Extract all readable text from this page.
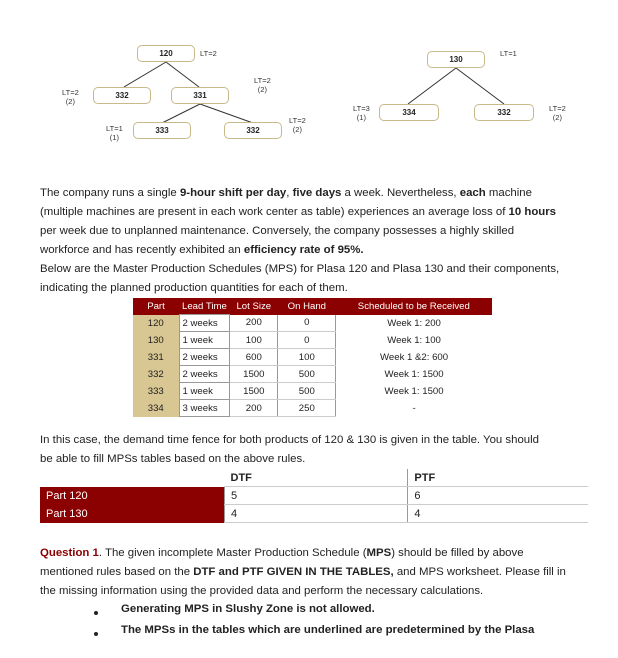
120	LT=2
332
LT=2
(2)
331
LT=2
(2)
333
LT=1
(1)
332
LT=2
(2)
130
LT=1
334
LT=3
(1)
332	LT=2
(2)
The company runs a single 9-hour shift per day, five days a week. Nevertheless, each machine
(multiple machines are present in each work center as table) experiences an average loss of 10 hours
per week due to unplanned maintenance. Conversely, the company possesses a highly skilled
workforce and has recently exhibited an efficiency rate of 95%.
Below are the Master Production Schedules (MPS) for Plasa 120 and Plasa 130 and their components,
indicating the planned production quantities for each of them.
Part	Lead Time	Lot Size	On Hand	Scheduled to be Received
120	2 weeks	200	0	Week 1: 200
130	1 week	100	0	Week 1: 100
331	2 weeks	600	100	Week 1 &2: 600
332	2 weeks	1500	500	Week 1: 1500
333	1 week	1500	500	Week 1: 1500
334	3 weeks	200	250	-
In this case, the demand time fence for both products of 120 & 130 is given in the table. You should
be able to fill MPSs tables based on the above rules.
	DTF	PTF
Part 120	5	6
Part 130	4	4
Question 1. The given incomplete Master Production Schedule (MPS) should be filled by above
mentioned rules based on the DTF and PTF GIVEN IN THE TABLES, and MPS worksheet. Please fill in
the missing information using the provided data and perform the necessary calculations.
Generating MPS in Slushy Zone is not allowed.
The MPSs in the tables which are underlined are predetermined by the Plasa
